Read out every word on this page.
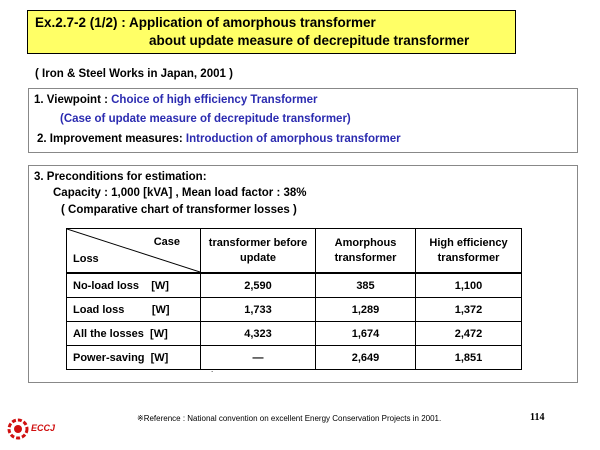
Ex.2.7-2 (1/2) : Application of amorphous transformer
about update measure of decrepitude transformer
( Iron & Steel Works in Japan, 2001 )
1. Viewpoint : Choice of high efficiency Transformer
(Case of update measure of decrepitude transformer)
2. Improvement measures: Introduction of amorphous transformer
3. Preconditions for estimation:
Capacity : 1,000 [kVA] , Mean load factor : 38%
( Comparative chart of transformer losses )
Case
Loss	transformer before update	Amorphous transformer	High efficiency transformer
No-load loss    [W]	2,590	385	1,100
Load loss         [W]	1,733	1,289	1,372
All the losses  [W]	4,323	1,674	2,472
Power-saving  [W]	—	2,649	1,851
.
ECCJ
※Reference : National convention on excellent Energy Conservation Projects in 2001.	114
